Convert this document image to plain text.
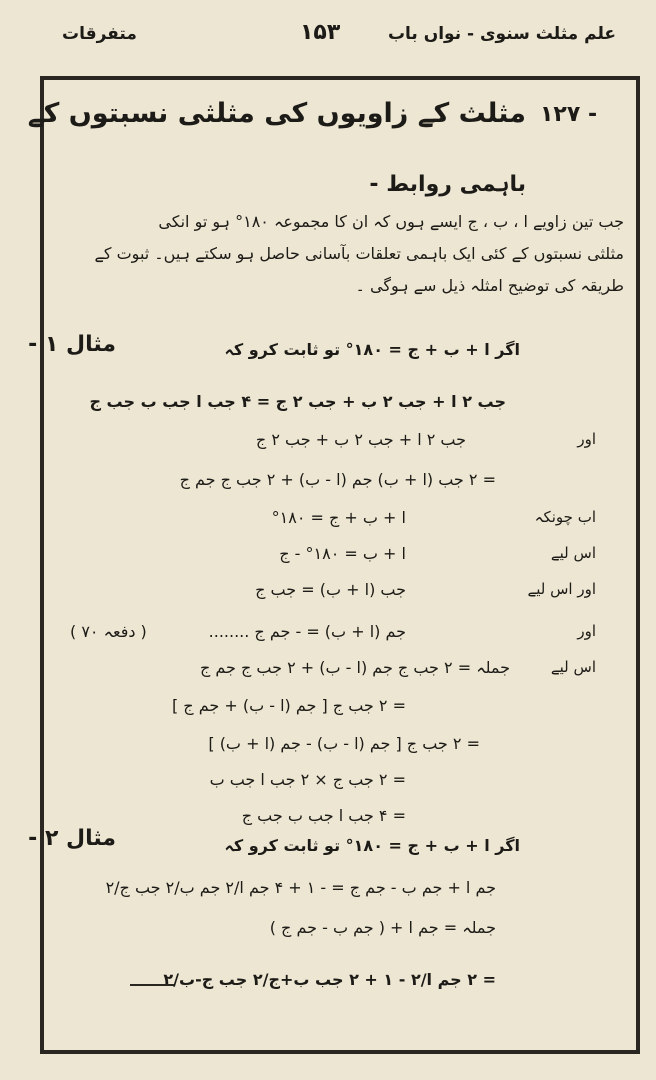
متفرقات	۱۵۳	علم مثلث سنوی - نواں باب
۱۲۷ -
مثلث کے زاویوں کی مثلثی نسبتوں کے
باہمی روابط -
جب تین زاویے ا ، ب ، ج ایسے ہوں کہ ان کا مجموعہ ۱۸۰° ہو تو انکی
مثلثی نسبتوں کے کئی ایک باہمی تعلقات بآسانی حاصل ہو سکتے ہیں۔ ثبوت کے
طریقہ کی توضیح امثلہ ذیل سے ہوگی ۔
مثال ۱ -	اگر ا + ب + ج = ۱۸۰° تو ثابت کرو کہ
جب ۲ ا + جب ۲ ب + جب ۲ ج = ۴ جب ا جب ب جب ج
اور
جب ۲ ا + جب ۲ ب + جب ۲ ج
= ۲ جب (ا + ب) جم (ا - ب) + ۲ جب ج جم ج
اب چونکہ
ا + ب + ج = ۱۸۰°
اس لیے
ا + ب = ۱۸۰° - ج
اور اس لیے
جب (ا + ب) = جب ج
اور
جم (ا + ب) = - جم ج ........
( دفعہ ۷۰ )
اس لیے
جملہ = ۲ جب ج جم (ا - ب) + ۲ جب ج جم ج
= ۲ جب ج [ جم (ا - ب) + جم ج ]
= ۲ جب ج [ جم (ا - ب) - جم (ا + ب) ]
= ۲ جب ج × ۲ جب ا جب ب
= ۴ جب ا جب ب جب ج
مثال ۲ -	اگر ا + ب + ج = ۱۸۰° تو ثابت کرو کہ
جم ا + جم ب - جم ج = - ۱ + ۴ جم ا/۲ جم ب/۲ جب ج/۲
جملہ = جم ا + ( جم ب - جم ج )
= ۲ جم ا/۲ - ۱ + ۲ جب ب+ج/۲ جب ج-ب/۲
